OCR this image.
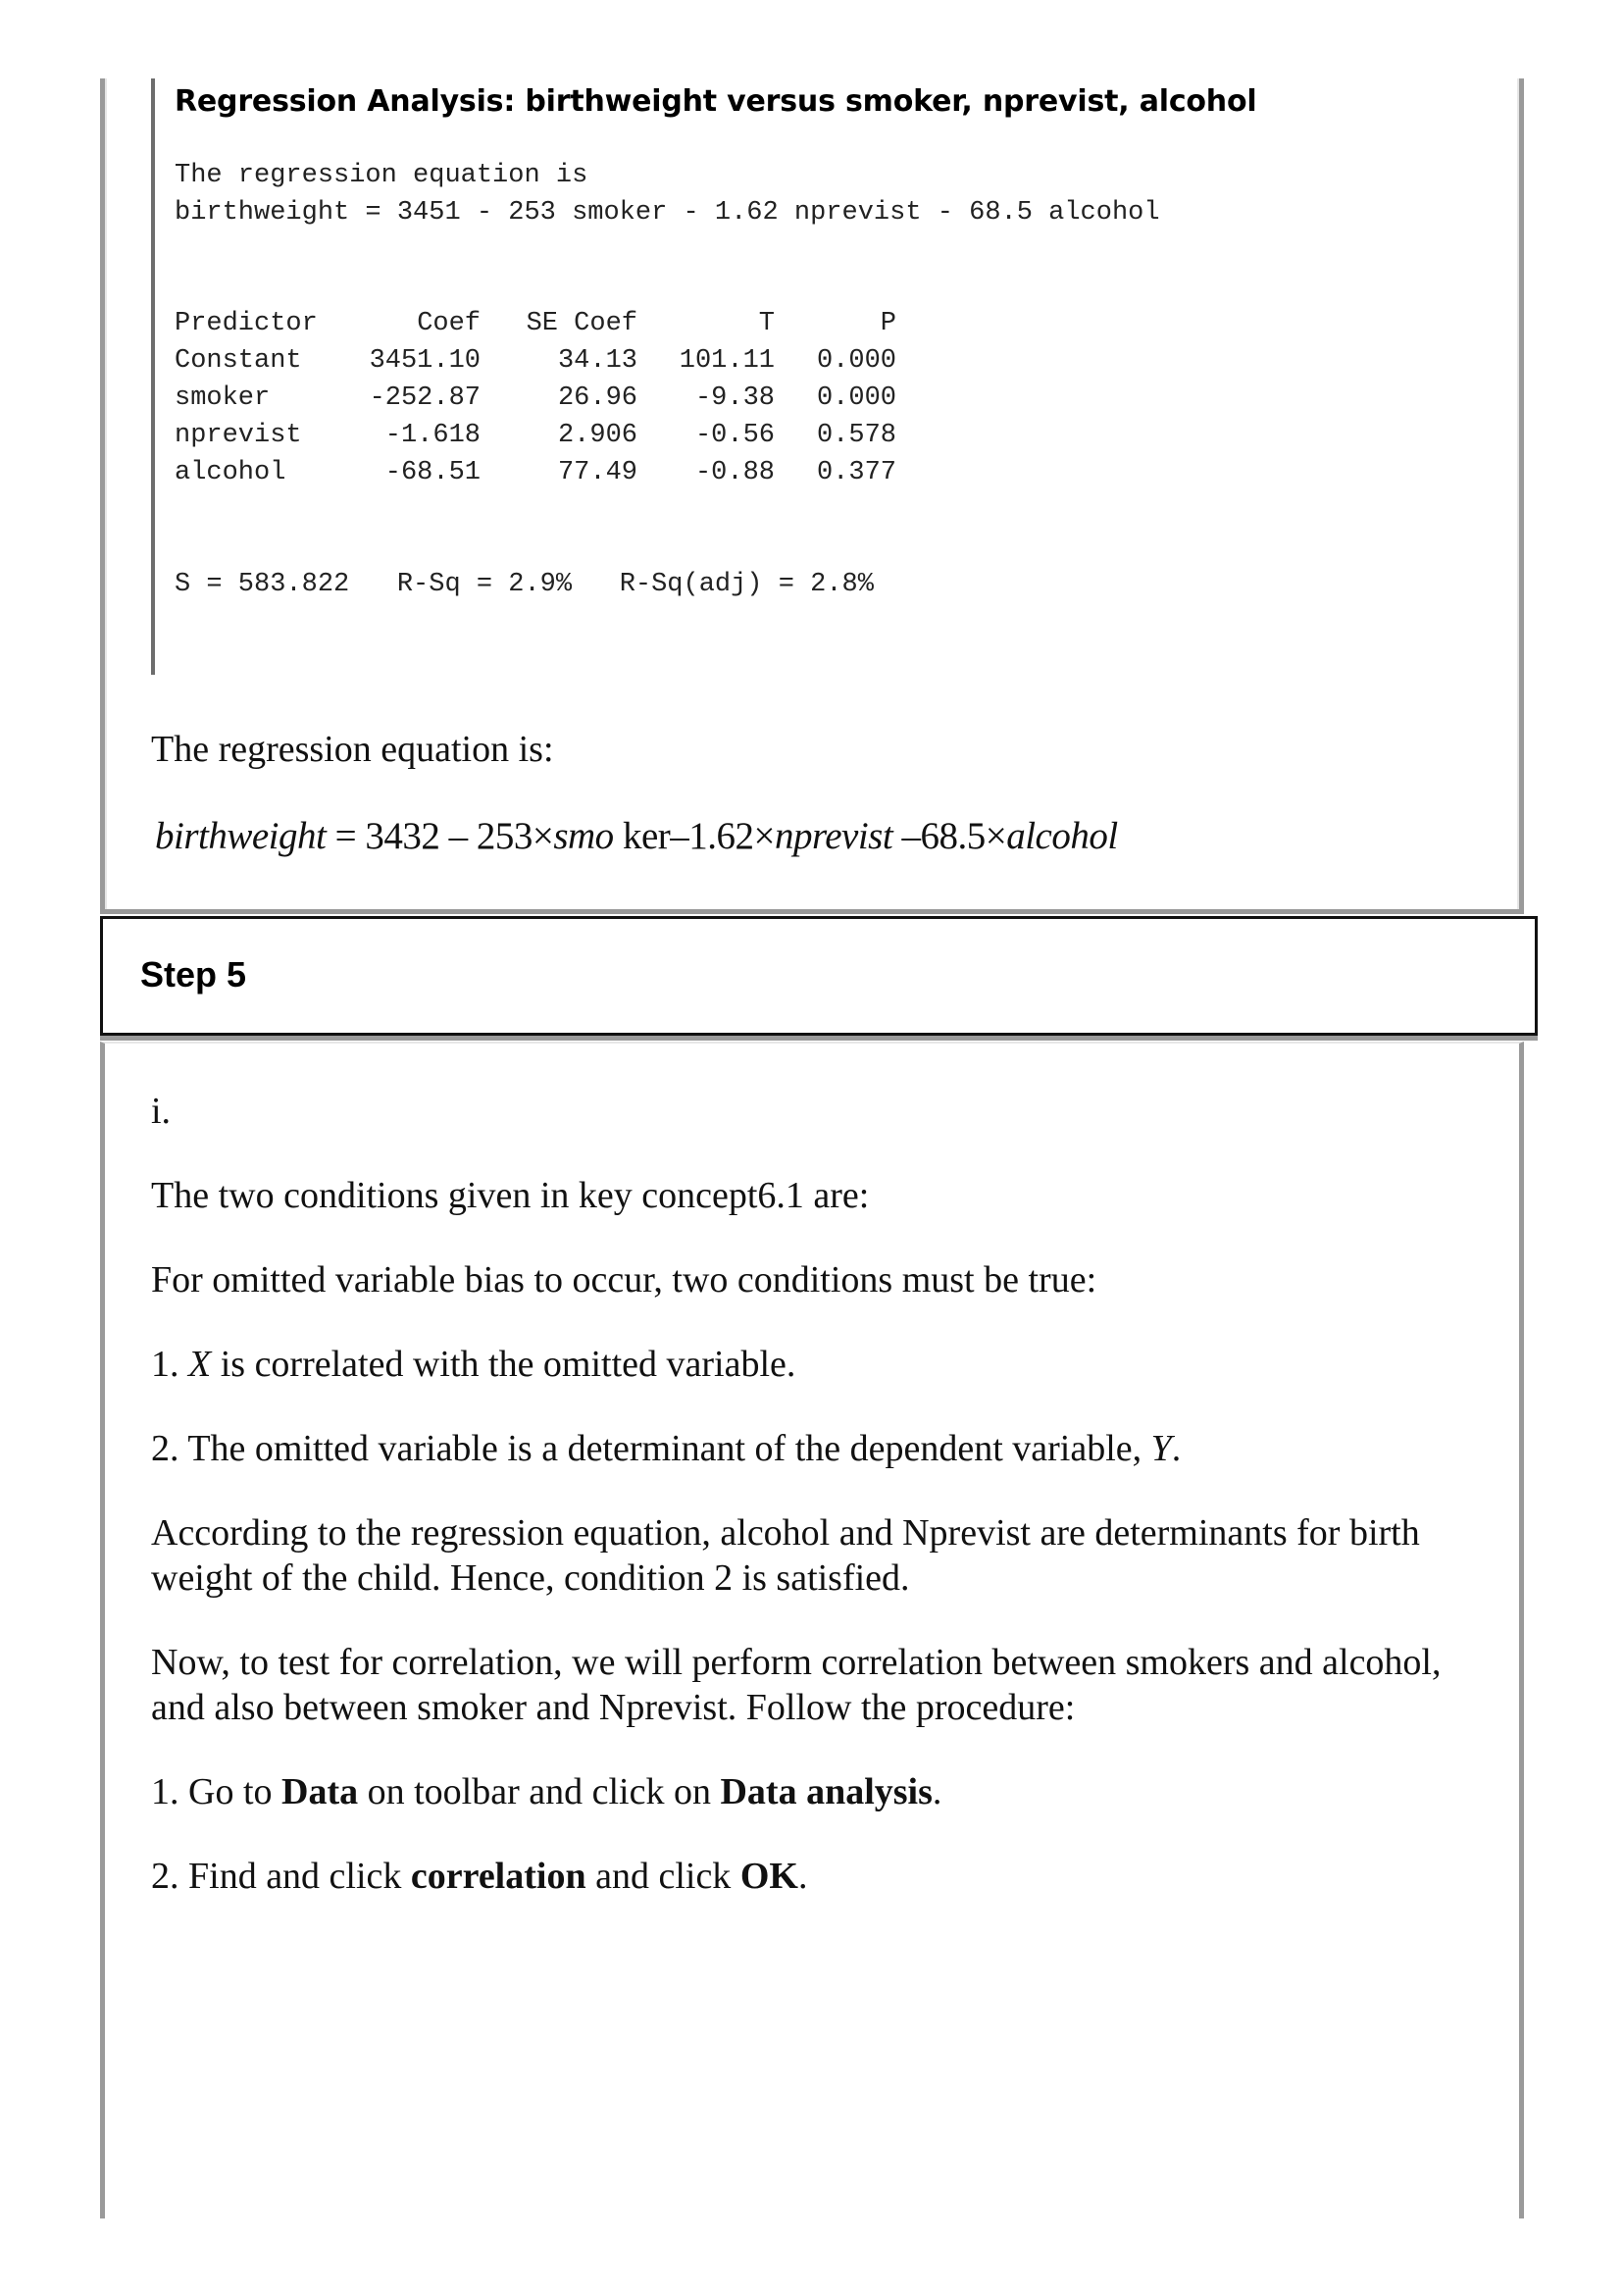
Regression Analysis: birthweight versus smoker, nprevist, alcohol
The regression equation is
birthweight = 3451 - 253 smoker - 1.62 nprevist - 68.5 alcohol
Predictor	Coef	SE Coef	T	P
Constant	3451.10	34.13	101.11	0.000
smoker	-252.87	26.96	-9.38	0.000
nprevist	-1.618	2.906	-0.56	0.578
alcohol	-68.51	77.49	-0.88	0.377
S = 583.822 R-Sq = 2.9% R-Sq(adj) = 2.8%
The regression equation is:
birthweight = 3432 – 253×smo ker–1.62×nprevist –68.5×alcohol
Step 5
i.
The two conditions given in key concept6.1 are:
For omitted variable bias to occur, two conditions must be true:
1. X is correlated with the omitted variable.
2. The omitted variable is a determinant of the dependent variable, Y.
According to the regression equation, alcohol and Nprevist are determinants for birth weight of the child. Hence, condition 2 is satisfied.
Now, to test for correlation, we will perform correlation between smokers and alcohol, and also between smoker and Nprevist. Follow the procedure:
1. Go to Data on toolbar and click on Data analysis.
2. Find and click correlation and click OK.
